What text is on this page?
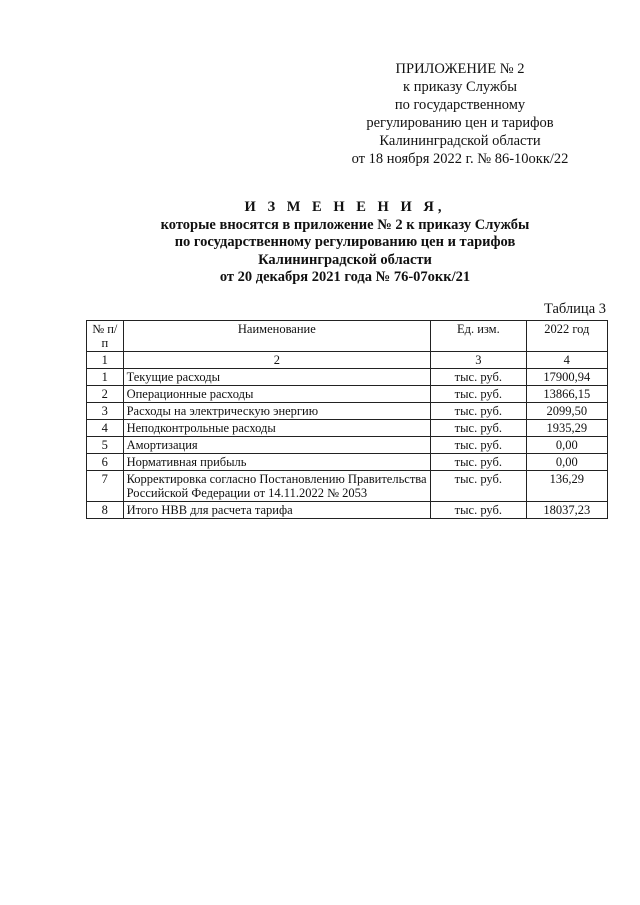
ПРИЛОЖЕНИЕ № 2
к приказу Службы
по государственному
регулированию цен и тарифов
Калининградской области
от 18 ноября 2022 г. № 86-10окк/22
И З М Е Н Е Н И Я,
которые вносятся в приложение № 2 к приказу Службы
по государственному регулированию цен и тарифов
Калининградской области
от 20 декабря 2021 года № 76-07окк/21
Таблица 3
№ п/п	Наименование	Ед. изм.	2022 год
1	2	3	4
1	Текущие расходы	тыс. руб.	17900,94
2	Операционные расходы	тыс. руб.	13866,15
3	Расходы на электрическую энергию	тыс. руб.	2099,50
4	Неподконтрольные расходы	тыс. руб.	1935,29
5	Амортизация	тыс. руб.	0,00
6	Нормативная прибыль	тыс. руб.	0,00
7	Корректировка согласно Постановлению Правительства Российской Федерации от 14.11.2022 № 2053	тыс. руб.	136,29
8	Итого НВВ для расчета тарифа	тыс. руб.	18037,23
